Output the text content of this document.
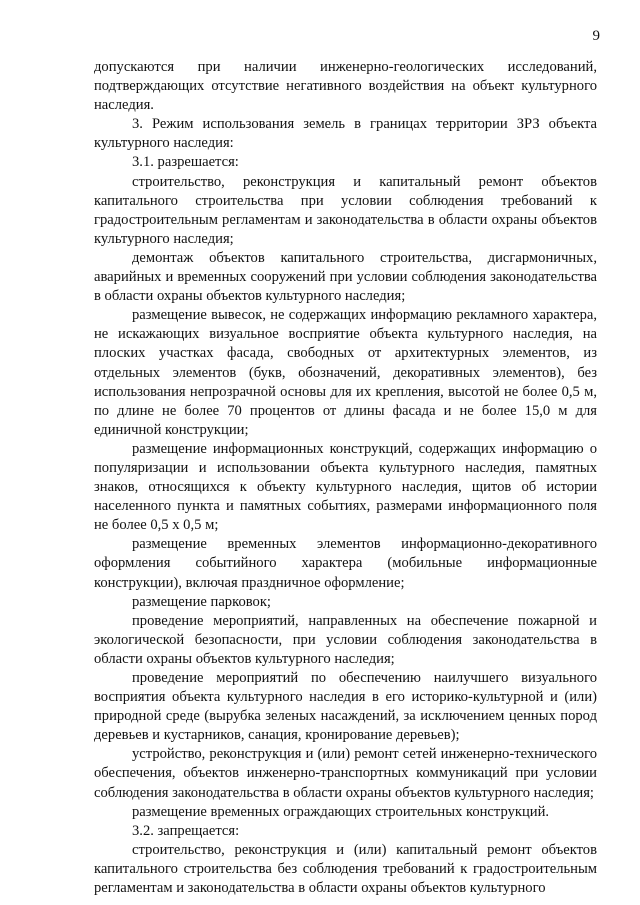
9

допускаются при наличии инженерно-геологических исследований, подтверждающих отсутствие негативного воздействия на объект культурного наследия.

3. Режим использования земель в границах территории ЗРЗ объекта культурного наследия:

3.1. разрешается:

строительство, реконструкция и капитальный ремонт объектов капитального строительства при условии соблюдения требований к градостроительным регламентам и законодательства в области охраны объектов культурного наследия;

демонтаж объектов капитального строительства, дисгармоничных, аварийных и временных сооружений при условии соблюдения законодательства в области охраны объектов культурного наследия;

размещение вывесок, не содержащих информацию рекламного характера, не искажающих визуальное восприятие объекта культурного наследия, на плоских участках фасада, свободных от архитектурных элементов, из отдельных элементов (букв, обозначений, декоративных элементов), без использования непрозрачной основы для их крепления, высотой не более 0,5 м, по длине не более 70 процентов от длины фасада и не более 15,0 м для единичной конструкции;

размещение информационных конструкций, содержащих информацию о популяризации и использовании объекта культурного наследия, памятных знаков, относящихся к объекту культурного наследия, щитов об истории населенного пункта и памятных событиях, размерами информационного поля не более 0,5 х 0,5 м;

размещение временных элементов информационно-декоративного оформления событийного характера (мобильные информационные конструкции), включая праздничное оформление;

размещение парковок;

проведение мероприятий, направленных на обеспечение пожарной и экологической безопасности, при условии соблюдения законодательства в области охраны объектов культурного наследия;

проведение мероприятий по обеспечению наилучшего визуального восприятия объекта культурного наследия в его историко-культурной и (или) природной среде (вырубка зеленых насаждений, за исключением ценных пород деревьев и кустарников, санация, кронирование деревьев);

устройство, реконструкция и (или) ремонт сетей инженерно-технического обеспечения, объектов инженерно-транспортных коммуникаций при условии соблюдения законодательства в области охраны объектов культурного наследия;

размещение временных ограждающих строительных конструкций.

3.2. запрещается:

строительство, реконструкция и (или) капитальный ремонт объектов капитального строительства без соблюдения требований к градостроительным регламентам и законодательства в области охраны объектов культурного
